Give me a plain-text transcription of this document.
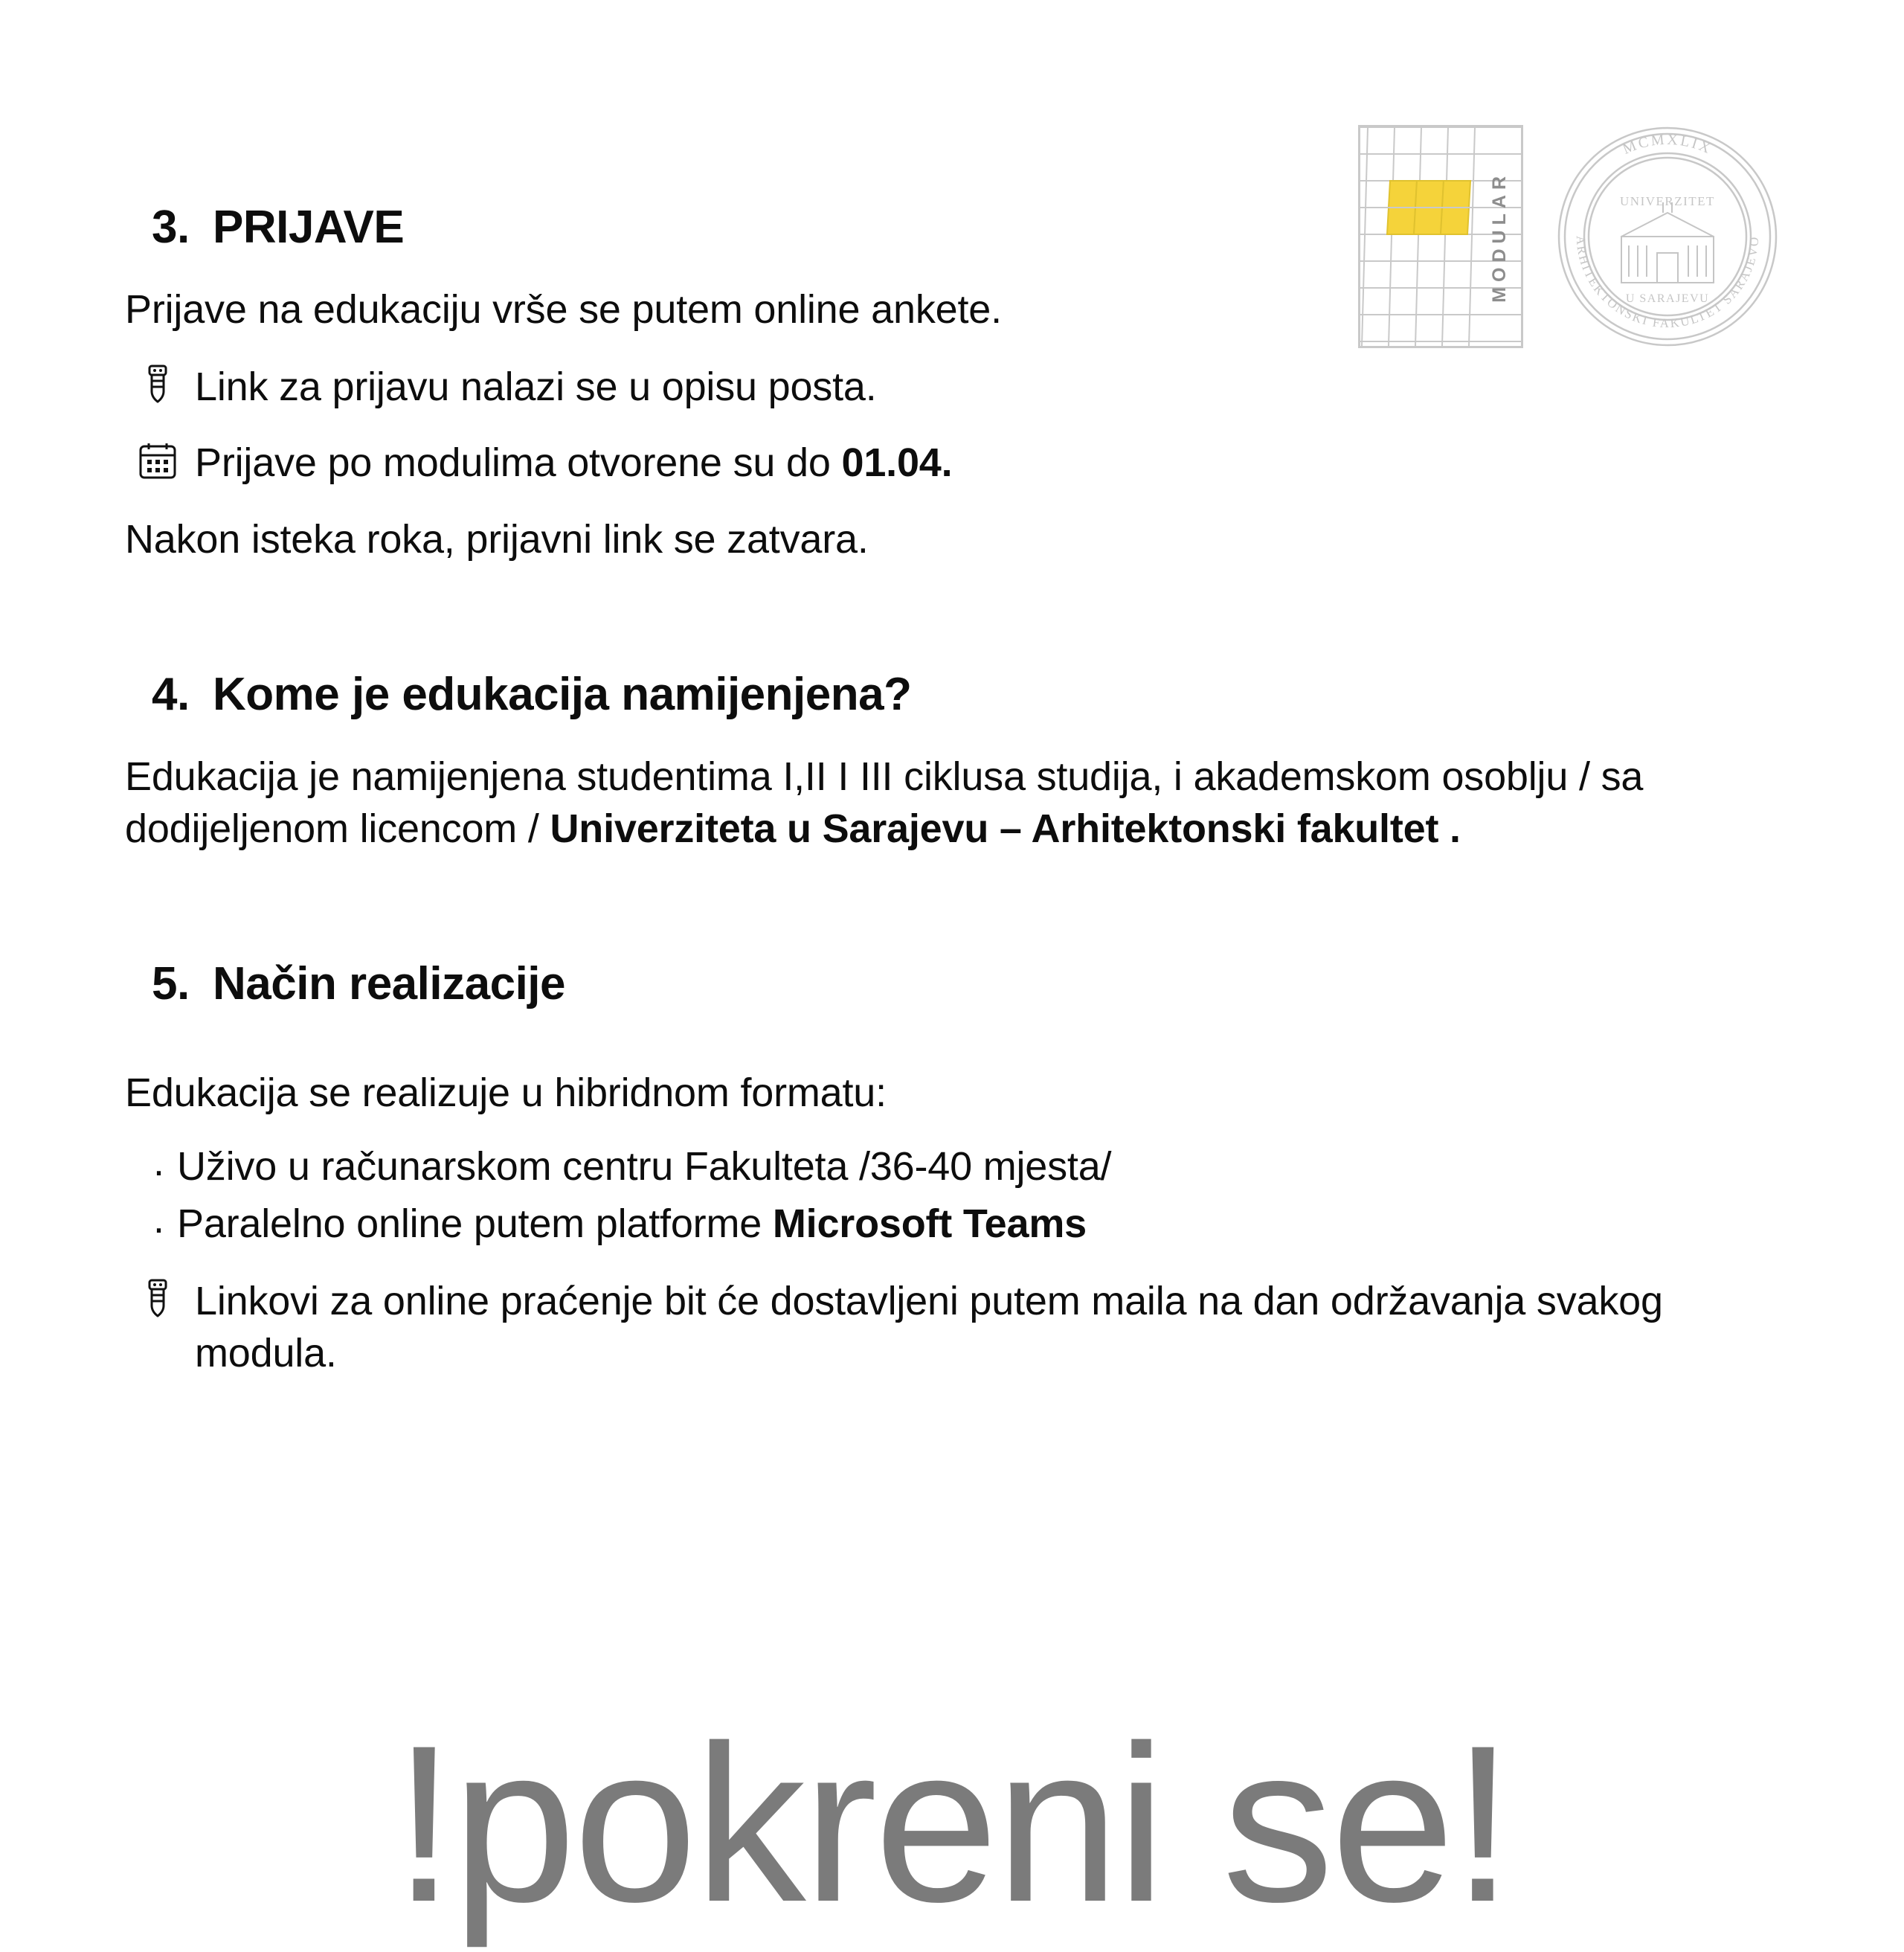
MODULAR
MCMXLIX
ARHITEKTONSKI FAKULTET SARAJEVO
UNIVERZITET
U SARAJEVU
3. PRIJAVE

Prijave na edukaciju vrše se putem online ankete.

Link za prijavu nalazi se u opisu posta.
Prijave po modulima otvorene su do 01.04.

Nakon isteka roka, prijavni link se zatvara.

4. Kome je edukacija namijenjena?

Edukacija je namijenjena studentima I,II I III ciklusa studija, i akademskom osoblju / sa dodijeljenom licencom / Univerziteta u Sarajevu – Arhitektonski fakultet .

5. Način realizacije

Edukacija se realizuje u hibridnom formatu:

. Uživo u računarskom centru Fakulteta /36-40 mjesta/
. Paralelno online putem platforme Microsoft Teams
Linkovi za online praćenje bit će dostavljeni putem maila na dan održavanja svakog modula.
!pokreni se!
